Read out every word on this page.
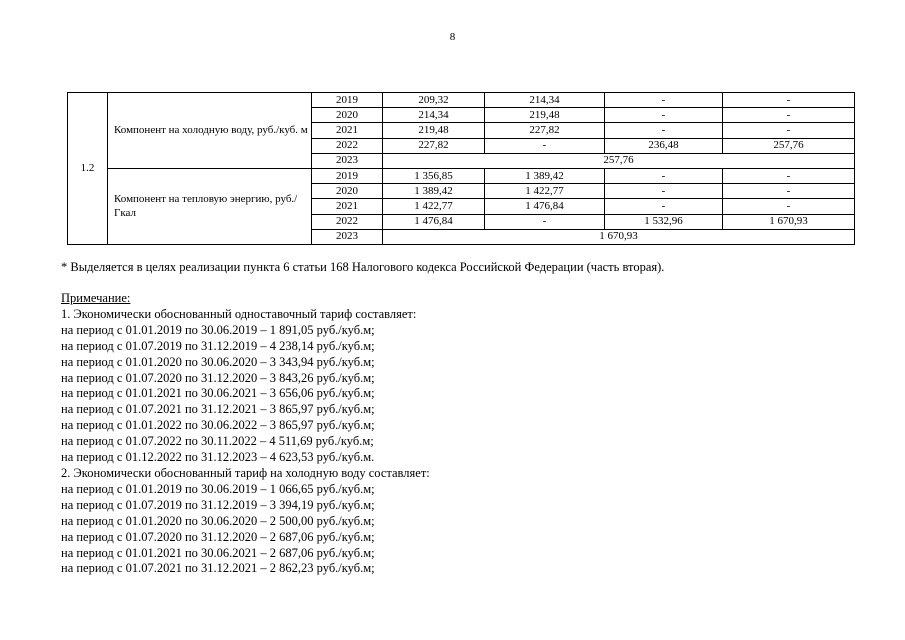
8
1.2	Компонент на холодную воду, руб./куб. м	2019	209,32	214,34	-	-
		2020	214,34	219,48	-	-
		2021	219,48	227,82	-	-
		2022	227,82	-	236,48	257,76
		2023	257,76			
	Компонент на тепловую энергию, руб./Гкал	2019	1 356,85	1 389,42	-	-
		2020	1 389,42	1 422,77	-	-
		2021	1 422,77	1 476,84	-	-
		2022	1 476,84	-	1 532,96	1 670,93
		2023	1 670,93			
* Выделяется в целях реализации пункта 6 статьи 168 Налогового кодекса Российской Федерации (часть вторая).
Примечание:
1. Экономически обоснованный одноставочный тариф составляет:
на период с 01.01.2019 по 30.06.2019 – 1 891,05 руб./куб.м;
на период с 01.07.2019 по 31.12.2019 – 4 238,14 руб./куб.м;
на период с 01.01.2020 по 30.06.2020 – 3 343,94 руб./куб.м;
на период с 01.07.2020 по 31.12.2020 – 3 843,26 руб./куб.м;
на период с 01.01.2021 по 30.06.2021 – 3 656,06 руб./куб.м;
на период с 01.07.2021 по 31.12.2021 – 3 865,97 руб./куб.м;
на период с 01.01.2022 по 30.06.2022 – 3 865,97 руб./куб.м;
на период с 01.07.2022 по 30.11.2022 – 4 511,69 руб./куб.м;
на период с 01.12.2022 по 31.12.2023 – 4 623,53 руб./куб.м.
2. Экономически обоснованный тариф на холодную воду составляет:
на период с 01.01.2019 по 30.06.2019 – 1 066,65 руб./куб.м;
на период с 01.07.2019 по 31.12.2019 – 3 394,19 руб./куб.м;
на период с 01.01.2020 по 30.06.2020 – 2 500,00 руб./куб.м;
на период с 01.07.2020 по 31.12.2020 – 2 687,06 руб./куб.м;
на период с 01.01.2021 по 30.06.2021 – 2 687,06 руб./куб.м;
на период с 01.07.2021 по 31.12.2021 – 2 862,23 руб./куб.м;
